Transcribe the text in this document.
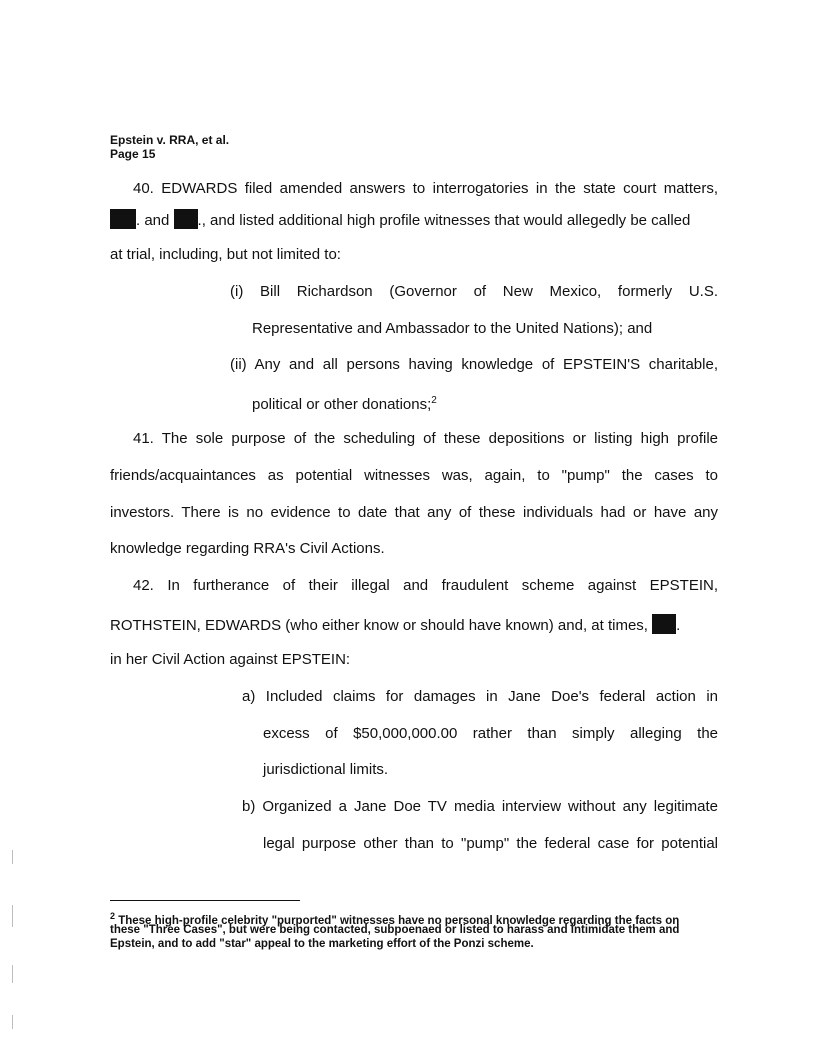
Epstein v. RRA, et al.
Page 15
40. EDWARDS filed amended answers to interrogatories in the state court matters,
. and ., and listed additional high profile witnesses that would allegedly be called
at trial, including, but not limited to:
(i) Bill Richardson (Governor of New Mexico, formerly U.S.
Representative and Ambassador to the United Nations); and
(ii) Any and all persons having knowledge of EPSTEIN'S charitable,
political or other donations;$^2$
41. The sole purpose of the scheduling of these depositions or listing high profile
friends/acquaintances as potential witnesses was, again, to "pump" the cases to
investors. There is no evidence to date that any of these individuals had or have any
knowledge regarding RRA's Civil Actions.
42. In furtherance of their illegal and fraudulent scheme against EPSTEIN,
ROTHSTEIN, EDWARDS (who either know or should have known) and, at times, .
in her Civil Action against EPSTEIN:
a) Included claims for damages in Jane Doe's federal action in
excess of $50,000,000.00 rather than simply alleging the
jurisdictional limits.
b) Organized a Jane Doe TV media interview without any legitimate
legal purpose other than to "pump" the federal case for potential
$^2$ These high-profile celebrity "purported" witnesses have no personal knowledge regarding the facts on
these "Three Cases", but were being contacted, subpoenaed or listed to harass and intimidate them and
Epstein, and to add "star" appeal to the marketing effort of the Ponzi scheme.
